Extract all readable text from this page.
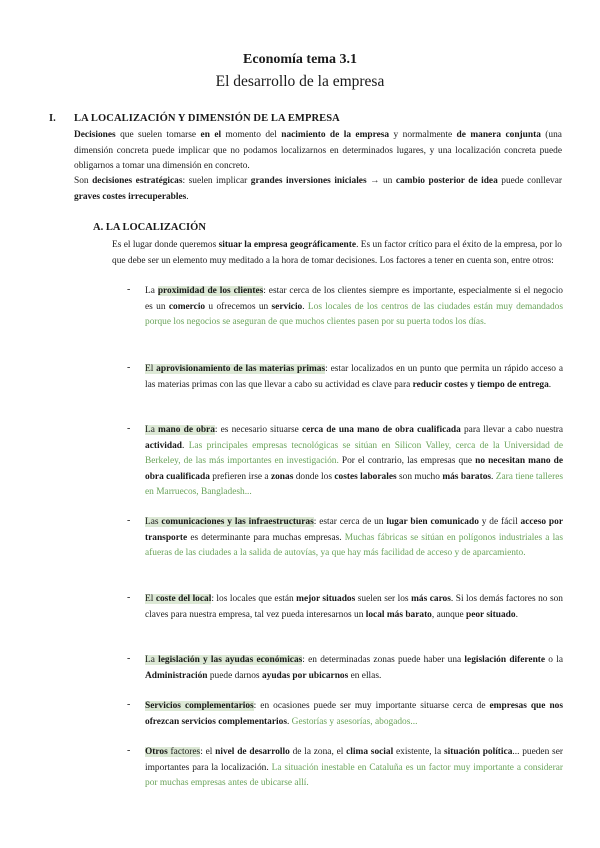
Economía tema 3.1
El desarrollo de la empresa
I. LA LOCALIZACIÓN Y DIMENSIÓN DE LA EMPRESA
Decisiones que suelen tomarse en el momento del nacimiento de la empresa y normalmente de manera conjunta (una dimensión concreta puede implicar que no podamos localizarnos en determinados lugares, y una localización concreta puede obligarnos a tomar una dimensión en concreto.
Son decisiones estratégicas: suelen implicar grandes inversiones iniciales → un cambio posterior de idea puede conllevar graves costes irrecuperables.
A. LA LOCALIZACIÓN
Es el lugar donde queremos situar la empresa geográficamente. Es un factor crítico para el éxito de la empresa, por lo que debe ser un elemento muy meditado a la hora de tomar decisiones. Los factores a tener en cuenta son, entre otros:
- La proximidad de los clientes: estar cerca de los clientes siempre es importante, especialmente si el negocio es un comercio u ofrecemos un servicio. Los locales de los centros de las ciudades están muy demandados porque los negocios se aseguran de que muchos clientes pasen por su puerta todos los días.
- El aprovisionamiento de las materias primas: estar localizados en un punto que permita un rápido acceso a las materias primas con las que llevar a cabo su actividad es clave para reducir costes y tiempo de entrega.
- La mano de obra: es necesario situarse cerca de una mano de obra cualificada para llevar a cabo nuestra actividad. Las principales empresas tecnológicas se sitúan en Silicon Valley, cerca de la Universidad de Berkeley, de las más importantes en investigación. Por el contrario, las empresas que no necesitan mano de obra cualificada prefieren irse a zonas donde los costes laborales son mucho más baratos. Zara tiene talleres en Marruecos, Bangladesh...
- Las comunicaciones y las infraestructuras: estar cerca de un lugar bien comunicado y de fácil acceso por transporte es determinante para muchas empresas. Muchas fábricas se sitúan en polígonos industriales a las afueras de las ciudades a la salida de autovías, ya que hay más facilidad de acceso y de aparcamiento.
- El coste del local: los locales que están mejor situados suelen ser los más caros. Si los demás factores no son claves para nuestra empresa, tal vez pueda interesarnos un local más barato, aunque peor situado.
- La legislación y las ayudas económicas: en determinadas zonas puede haber una legislación diferente o la Administración puede darnos ayudas por ubicarnos en ellas.
- Servicios complementarios: en ocasiones puede ser muy importante situarse cerca de empresas que nos ofrezcan servicios complementarios. Gestorías y asesorías, abogados...
- Otros factores: el nivel de desarrollo de la zona, el clima social existente, la situación política... pueden ser importantes para la localización. La situación inestable en Cataluña es un factor muy importante a considerar por muchas empresas antes de ubicarse allí.
